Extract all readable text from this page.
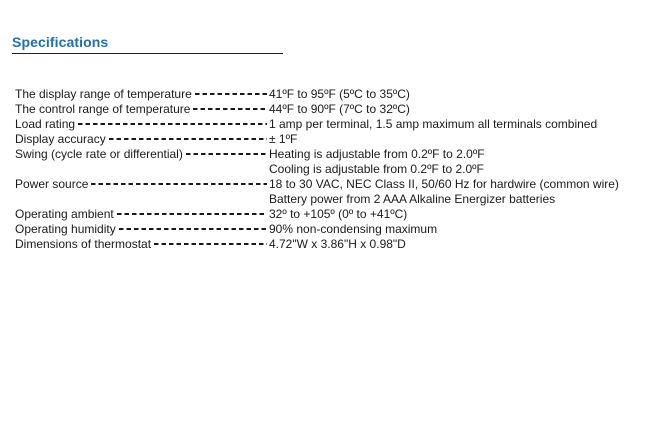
Specifications
The display range of temperature	41ºF to 95ºF (5ºC to 35ºC)
The control range of temperature	44ºF to 90ºF (7ºC to 32ºC)
Load rating	1 amp per terminal, 1.5 amp maximum all terminals combined
Display accuracy	± 1ºF
Swing (cycle rate or differential)	Heating is adjustable from 0.2ºF to 2.0ºF
Cooling is adjustable from 0.2ºF to 2.0ºF
Power source	18 to 30 VAC, NEC Class II, 50/60 Hz for hardwire (common wire)
Battery power from 2 AAA Alkaline Energizer batteries
Operating ambient	32º to +105º (0º to +41ºC)
Operating humidity	90% non-condensing maximum
Dimensions of thermostat	4.72"W x 3.86"H x 0.98"D
